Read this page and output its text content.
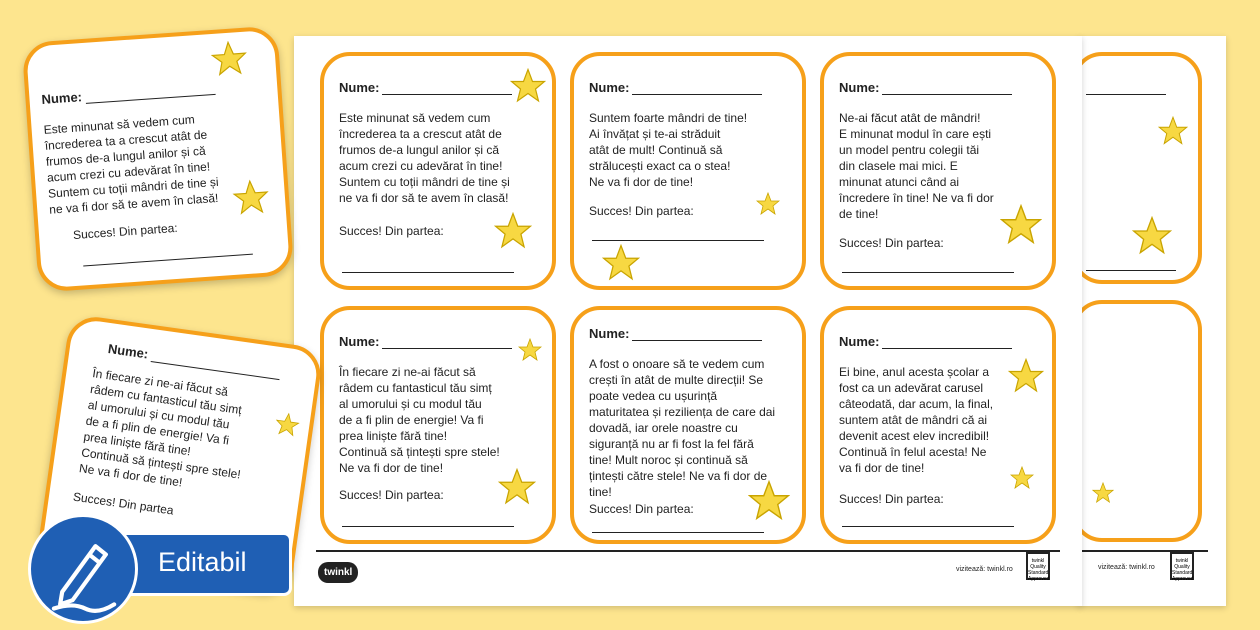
vizitează: twinkl.ro
twinkl Quality Standard Approved
Nume:
Este minunat să vedem cum
încrederea ta a crescut atât de
frumos de-a lungul anilor și că
acum crezi cu adevărat în tine!
Suntem cu toții mândri de tine și
ne va fi dor să te avem în clasă!
Succes! Din partea:
Nume:
Suntem foarte mândri de tine!
Ai învățat și te-ai străduit
atât de mult! Continuă să
strălucești exact ca o stea!
Ne va fi dor de tine!
Succes! Din partea:
Nume:
Ne-ai făcut atât de mândri!
E minunat modul în care ești
un model pentru colegii tăi
din clasele mai mici. E
minunat atunci când ai
încredere în tine! Ne va fi dor
de tine!
Succes! Din partea:
Nume:
În fiecare zi ne-ai făcut să
râdem cu fantasticul tău simț
al umorului și cu modul tău
de a fi plin de energie! Va fi
prea liniște fără tine!
Continuă să țintești spre stele!
Ne va fi dor de tine!
Succes! Din partea:
Nume:
A fost o onoare să te vedem cum
crești în atât de multe direcții! Se
poate vedea cu ușurință
maturitatea și reziliența de care dai
dovadă, iar orele noastre cu
siguranță nu ar fi fost la fel fără
tine! Mult noroc și continuă să
țintești către stele! Ne va fi dor de
tine!
Succes! Din partea:
Nume:
Ei bine, anul acesta școlar a
fost ca un adevărat carusel
câteodată, dar acum, la final,
suntem atât de mândri că ai
devenit acest elev incredibil!
Continuă în felul acesta! Ne
va fi dor de tine!
Succes! Din partea:
twinkl	vizitează: twinkl.ro
twinkl Quality Standard Approved
Nume:
Este minunat să vedem cum
încrederea ta a crescut atât de
frumos de-a lungul anilor și că
acum crezi cu adevărat în tine!
Suntem cu toții mândri de tine și
ne va fi dor să te avem în clasă!
Succes! Din partea:
Nume:
În fiecare zi ne-ai făcut să
râdem cu fantasticul tău simț
al umorului și cu modul tău
de a fi plin de energie! Va fi
prea liniște fără tine!
Continuă să țintești spre stele!
Ne va fi dor de tine!
Succes! Din partea
Editabil
